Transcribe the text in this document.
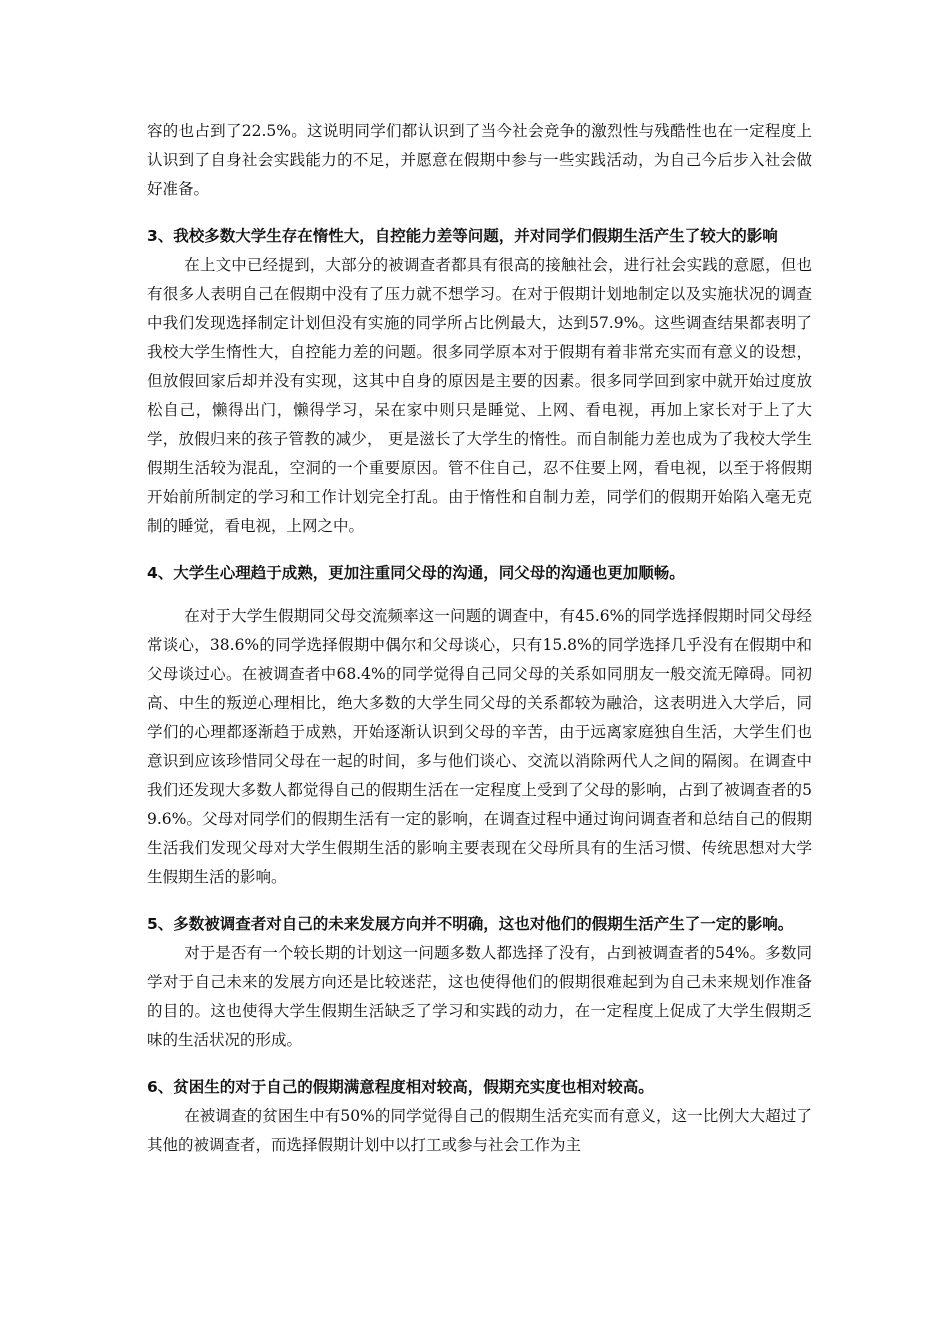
容的也占到了22.5%。这说明同学们都认识到了当今社会竞争的激烈性与残酷性也在一定程度上认识到了自身社会实践能力的不足，并愿意在假期中参与一些实践活动，为自己今后步入社会做好准备。

3、我校多数大学生存在惰性大，自控能力差等问题，并对同学们假期生活产生了较大的影响

在上文中已经提到，大部分的被调查者都具有很高的接触社会，进行社会实践的意愿，但也有很多人表明自己在假期中没有了压力就不想学习。在对于假期计划地制定以及实施状况的调查中我们发现选择制定计划但没有实施的同学所占比例最大，达到57.9%。这些调查结果都表明了我校大学生惰性大，自控能力差的问题。很多同学原本对于假期有着非常充实而有意义的设想，但放假回家后却并没有实现，这其中自身的原因是主要的因素。很多同学回到家中就开始过度放松自己，懒得出门，懒得学习，呆在家中则只是睡觉、上网、看电视，再加上家长对于上了大学，放假归来的孩子管教的减少， 更是滋长了大学生的惰性。而自制能力差也成为了我校大学生假期生活较为混乱，空洞的一个重要原因。管不住自己，忍不住要上网，看电视，以至于将假期开始前所制定的学习和工作计划完全打乱。由于惰性和自制力差，同学们的假期开始陷入毫无克制的睡觉，看电视，上网之中。

4、大学生心理趋于成熟，更加注重同父母的沟通，同父母的沟通也更加顺畅。

在对于大学生假期同父母交流频率这一问题的调查中，有45.6%的同学选择假期时同父母经常谈心，38.6%的同学选择假期中偶尔和父母谈心，只有15.8%的同学选择几乎没有在假期中和父母谈过心。在被调查者中68.4%的同学觉得自己同父母的关系如同朋友一般交流无障碍。同初高、中生的叛逆心理相比，绝大多数的大学生同父母的关系都较为融洽，这表明进入大学后，同学们的心理都逐渐趋于成熟，开始逐渐认识到父母的辛苦，由于远离家庭独自生活，大学生们也意识到应该珍惜同父母在一起的时间，多与他们谈心、交流以消除两代人之间的隔阂。在调查中我们还发现大多数人都觉得自己的假期生活在一定程度上受到了父母的影响，占到了被调查者的59.6%。父母对同学们的假期生活有一定的影响，在调查过程中通过询问调查者和总结自己的假期生活我们发现父母对大学生假期生活的影响主要表现在父母所具有的生活习惯、传统思想对大学生假期生活的影响。

5、多数被调查者对自己的未来发展方向并不明确，这也对他们的假期生活产生了一定的影响。

对于是否有一个较长期的计划这一问题多数人都选择了没有，占到被调查者的54%。多数同学对于自己未来的发展方向还是比较迷茫，这也使得他们的假期很难起到为自己未来规划作准备的目的。这也使得大学生假期生活缺乏了学习和实践的动力，在一定程度上促成了大学生假期乏味的生活状况的形成。

6、贫困生的对于自己的假期满意程度相对较高，假期充实度也相对较高。

在被调查的贫困生中有50%的同学觉得自己的假期生活充实而有意义，这一比例大大超过了其他的被调查者，而选择假期计划中以打工或参与社会工作为主
